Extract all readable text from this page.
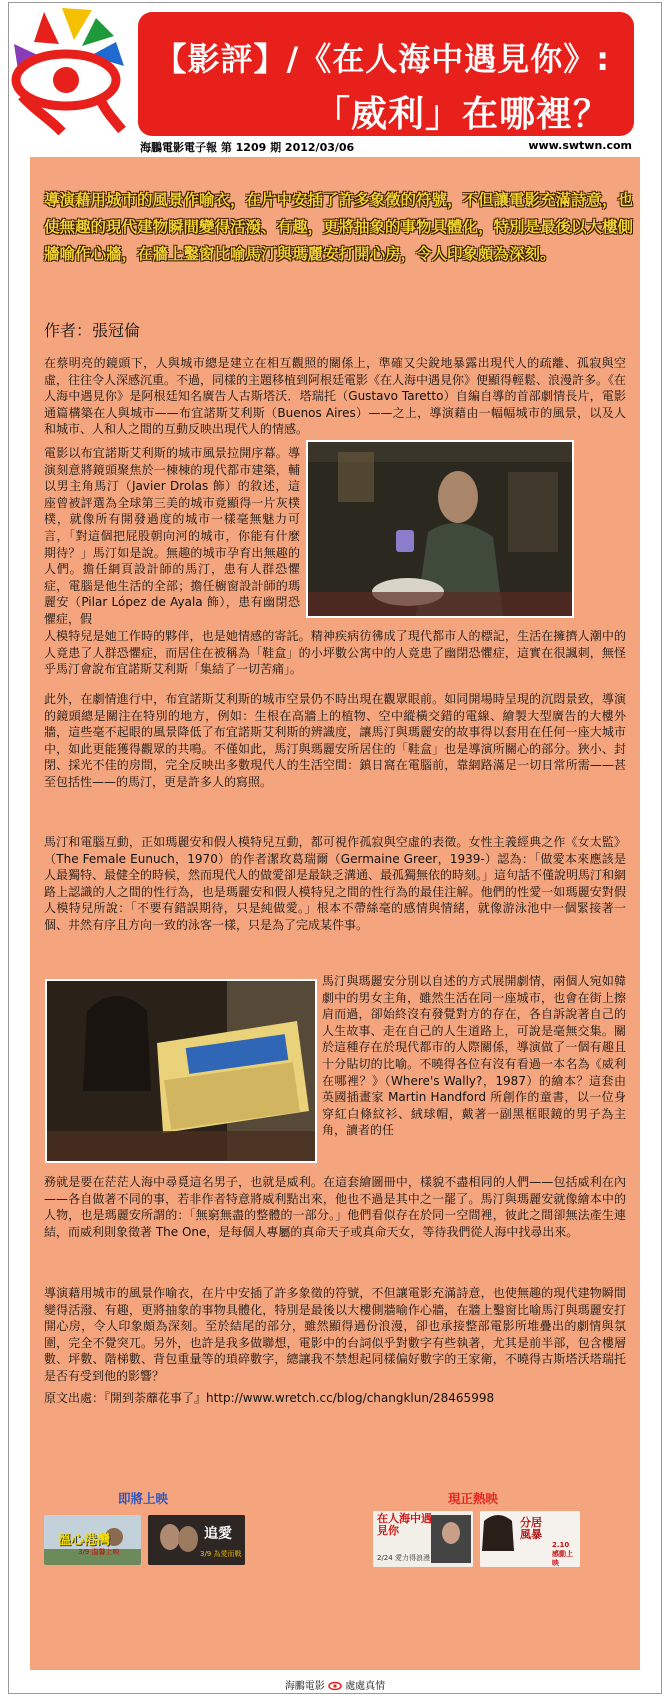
【影評】/《在人海中遇見你》:
「威利」在哪裡？
海鵬電影電子報 第 1209 期 2012/03/06	www.swtwn.com
導演藉用城市的風景作喻衣，在片中安插了許多象徵的符號，不但讓電影充滿詩意，也使無趣的現代建物瞬間變得活潑、有趣，更將抽象的事物具體化，特別是最後以大樓側牆喻作心牆，在牆上鑿窗比喻馬汀與瑪麗安打開心房，令人印象頗為深刻。
作者：張冠倫
在蔡明亮的鏡頭下，人與城市總是建立在相互觀照的關係上，準確又尖銳地暴露出現代人的疏離、孤寂與空虛，往往令人深感沉重。不過，同樣的主題移植到阿根廷電影《在人海中遇見你》便顯得輕鬆、浪漫許多。《在人海中遇見你》是阿根廷知名廣告人古斯塔沃．塔瑞托（Gustavo Taretto）自編自導的首部劇情長片，電影通篇構築在人與城市——布宜諾斯艾利斯（Buenos Aires）——之上，導演藉由一幅幅城市的風景，以及人和城市、人和人之間的互動反映出現代人的情感。
電影以布宜諾斯艾利斯的城市風景拉開序幕。導演刻意將鏡頭聚焦於一棟棟的現代都市建築，輔以男主角馬汀（Javier Drolas 飾）的敘述，這座曾被評選為全球第三美的城市竟顯得一片灰樸樸，就像所有開發過度的城市一樣毫無魅力可言，「對這個把屁股朝向河的城市，你能有什麼期待？」馬汀如是說。無趣的城市孕育出無趣的人們。擔任網頁設計師的馬汀，患有人群恐懼症，電腦是他生活的全部；擔任櫥窗設計師的瑪麗安（Pilar López de Ayala 飾），患有幽閉恐懼症，假
人模特兒是她工作時的夥伴，也是她情感的寄託。精神疾病彷彿成了現代都市人的標記，生活在擁擠人潮中的人竟患了人群恐懼症，而居住在被稱為「鞋盒」的小坪數公寓中的人竟患了幽閉恐懼症，這實在很諷刺，無怪乎馬汀會說布宜諾斯艾利斯「集結了一切苦痛」。
此外，在劇情進行中，布宜諾斯艾利斯的城市空景仍不時出現在觀眾眼前。如同開場時呈現的沉悶景致，導演的鏡頭總是關注在特別的地方，例如：生根在高牆上的植物、空中縱橫交錯的電線、繪製大型廣告的大樓外牆，這些毫不起眼的風景降低了布宜諾斯艾利斯的辨識度，讓馬汀與瑪麗安的故事得以套用在任何一座大城市中，如此更能獲得觀眾的共鳴。不僅如此，馬汀與瑪麗安所居住的「鞋盒」也是導演所關心的部分。狹小、封閉、採光不佳的房間，完全反映出多數現代人的生活空間：鎮日窩在電腦前，靠網路滿足一切日常所需——甚至包括性——的馬汀，更是許多人的寫照。
馬汀和電腦互動，正如瑪麗安和假人模特兒互動，都可視作孤寂與空虛的表徵。女性主義經典之作《女太監》（The Female Eunuch，1970）的作者潔玫葛瑞爾（Germaine Greer，1939-）認為：「做愛本來應該是人最獨特、最健全的時候，然而現代人的做愛卻是最缺乏溝通、最孤獨無依的時刻。」這句話不僅說明馬汀和網路上認識的人之間的性行為，也是瑪麗安和假人模特兒之間的性行為的最佳注解。他們的性愛一如瑪麗安對假人模特兒所說：「不要有錯誤期待，只是純做愛。」根本不帶絲毫的感情與情緒，就像游泳池中一個緊接著一個、井然有序且方向一致的泳客一樣，只是為了完成某件事。
馬汀與瑪麗安分別以自述的方式展開劇情，兩個人宛如韓劇中的男女主角，雖然生活在同一座城市，也會在街上擦肩而過，卻始終沒有發覺對方的存在，各自訴說著自己的人生故事、走在自己的人生道路上，可說是毫無交集。關於這種存在於現代都市的人際關係，導演做了一個有趣且十分貼切的比喻。不曉得各位有沒有看過一本名為《威利在哪裡？》（Where's Wally?，1987）的繪本？這套由英國插畫家 Martin Handford 所創作的童書，以一位身穿紅白條紋衫、絨球帽，戴著一副黑框眼鏡的男子為主角，讀者的任
務就是要在茫茫人海中尋覓這名男子，也就是威利。在這套繪圖冊中，樣貌不盡相同的人們——包括威利在內——各自做著不同的事，若非作者特意將威利點出來，他也不過是其中之一罷了。馬汀與瑪麗安就像繪本中的人物，也是瑪麗安所謂的：「無窮無盡的整體的一部分。」他們看似存在於同一空間裡，彼此之間卻無法產生連結，而威利則象徵著 The One，是每個人專屬的真命天子或真命天女，等待我們從人海中找尋出來。
導演藉用城市的風景作喻衣，在片中安插了許多象徵的符號，不但讓電影充滿詩意，也使無趣的現代建物瞬間變得活潑、有趣，更將抽象的事物具體化，特別是最後以大樓側牆喻作心牆，在牆上鑿窗比喻馬汀與瑪麗安打開心房，令人印象頗為深刻。至於結尾的部分，雖然顯得過份浪漫，卻也承接整部電影所堆疊出的劇情與氛圍，完全不覺突兀。另外，也許是我多做聯想，電影中的台詞似乎對數字有些執著，尤其是前半部，包含樓層數、坪數、階梯數、背包重量等的瑣碎數字，總讓我不禁想起同樣偏好數字的王家衛，不曉得古斯塔沃塔瑞托是否有受到他的影響？
原文出處：『開到荼蘼花事了』http://www.wretch.cc/blog/changklun/28465998
即將上映	現正熱映
溫心港灣
3/9 溫馨上映
追愛
3/9 為愛而戰
在人海中遇見你
2/24 愛力得浪漫
分居風暴
2.10 感動上映
海鵬電影 處處真情
